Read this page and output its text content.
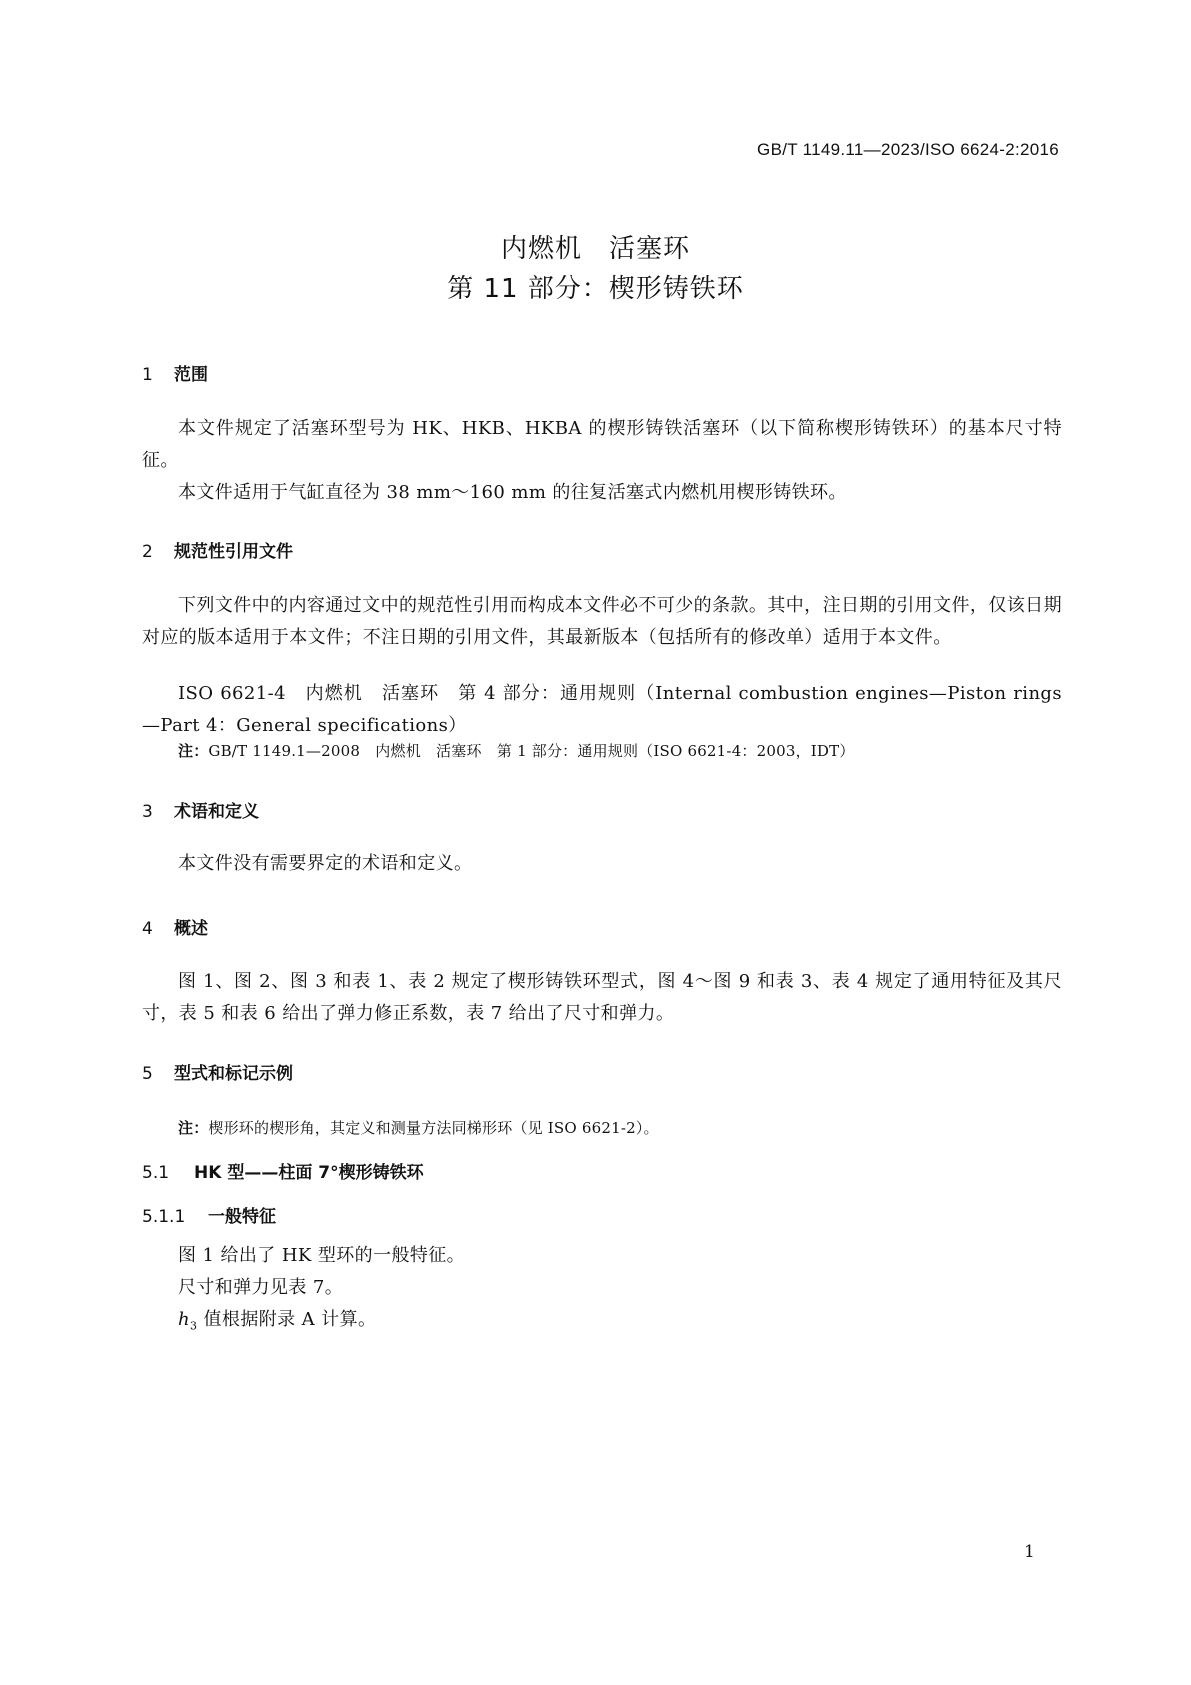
GB/T 1149.11—2023/ISO 6624-2:2016
内燃机　活塞环
第 11 部分：楔形铸铁环
1 范围
本文件规定了活塞环型号为 HK、HKB、HKBA 的楔形铸铁活塞环（以下简称楔形铸铁环）的基本尺寸特征。
本文件适用于气缸直径为 38 mm～160 mm 的往复活塞式内燃机用楔形铸铁环。
2 规范性引用文件
下列文件中的内容通过文中的规范性引用而构成本文件必不可少的条款。其中，注日期的引用文件，仅该日期对应的版本适用于本文件；不注日期的引用文件，其最新版本（包括所有的修改单）适用于本文件。
ISO 6621-4　内燃机　活塞环　第 4 部分：通用规则（Internal combustion engines—Piston rings—Part 4：General specifications）
注：GB/T 1149.1—2008　内燃机　活塞环　第 1 部分：通用规则（ISO 6621-4：2003，IDT）
3 术语和定义
本文件没有需要界定的术语和定义。
4 概述
图 1、图 2、图 3 和表 1、表 2 规定了楔形铸铁环型式，图 4～图 9 和表 3、表 4 规定了通用特征及其尺寸，表 5 和表 6 给出了弹力修正系数，表 7 给出了尺寸和弹力。
5 型式和标记示例
注：楔形环的楔形角，其定义和测量方法同梯形环（见 ISO 6621-2）。
5.1 HK 型——柱面 7°楔形铸铁环
5.1.1 一般特征
图 1 给出了 HK 型环的一般特征。
尺寸和弹力见表 7。
$h_3$ 值根据附录 A 计算。
1
